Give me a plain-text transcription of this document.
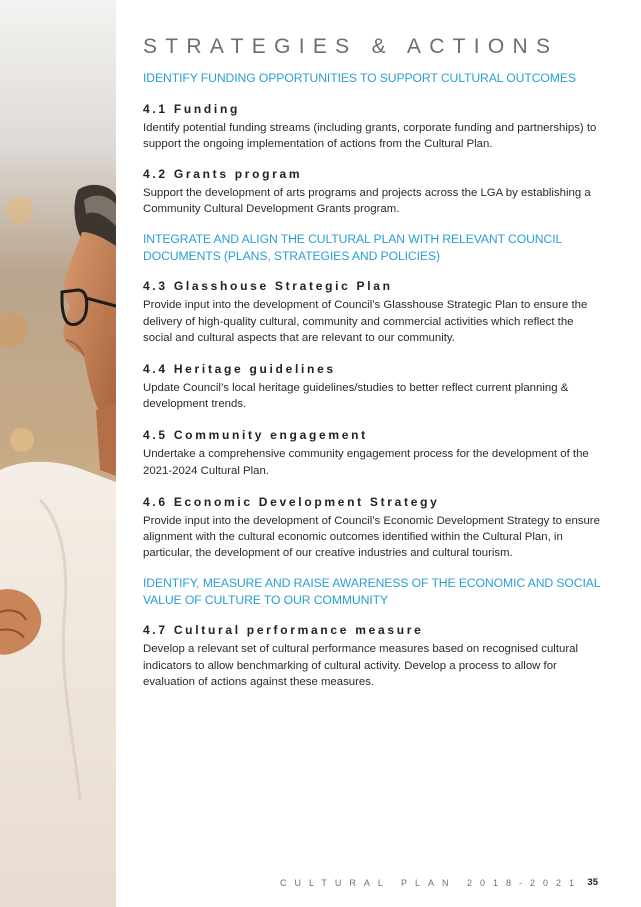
STRATEGIES & ACTIONS
IDENTIFY FUNDING OPPORTUNITIES TO SUPPORT CULTURAL OUTCOMES
4.1 Funding

Identify potential funding streams (including grants, corporate funding and partnerships) to support the ongoing implementation of actions from the Cultural Plan.

4.2 Grants program

Support the development of arts programs and projects across the LGA by establishing a Community Cultural Development Grants program.

INTEGRATE AND ALIGN THE CULTURAL PLAN WITH RELEVANT COUNCIL DOCUMENTS (PLANS, STRATEGIES AND POLICIES)
4.3 Glasshouse Strategic Plan

Provide input into the development of Council’s Glasshouse Strategic Plan to ensure the delivery of high-quality cultural, community and commercial activities which reflect the social and cultural aspects that are relevant to our community.

4.4 Heritage guidelines

Update Council’s local heritage guidelines/studies to better reflect current planning & development trends.

4.5 Community engagement

Undertake a comprehensive community engagement process for the development of the 2021-2024 Cultural Plan.

4.6 Economic Development Strategy

Provide input into the development of Council’s Economic Development Strategy to ensure alignment with the cultural economic outcomes identified within the Cultural Plan, in particular, the development of our creative industries and cultural tourism.

IDENTIFY, MEASURE AND RAISE AWARENESS OF THE ECONOMIC AND SOCIAL VALUE OF CULTURE TO OUR COMMUNITY
4.7 Cultural performance measure

Develop a relevant set of cultural performance measures based on recognised cultural indicators to allow benchmarking of cultural activity. Develop a process to allow for evaluation of actions against these measures.

CULTURAL PLAN 2018-2021 35
